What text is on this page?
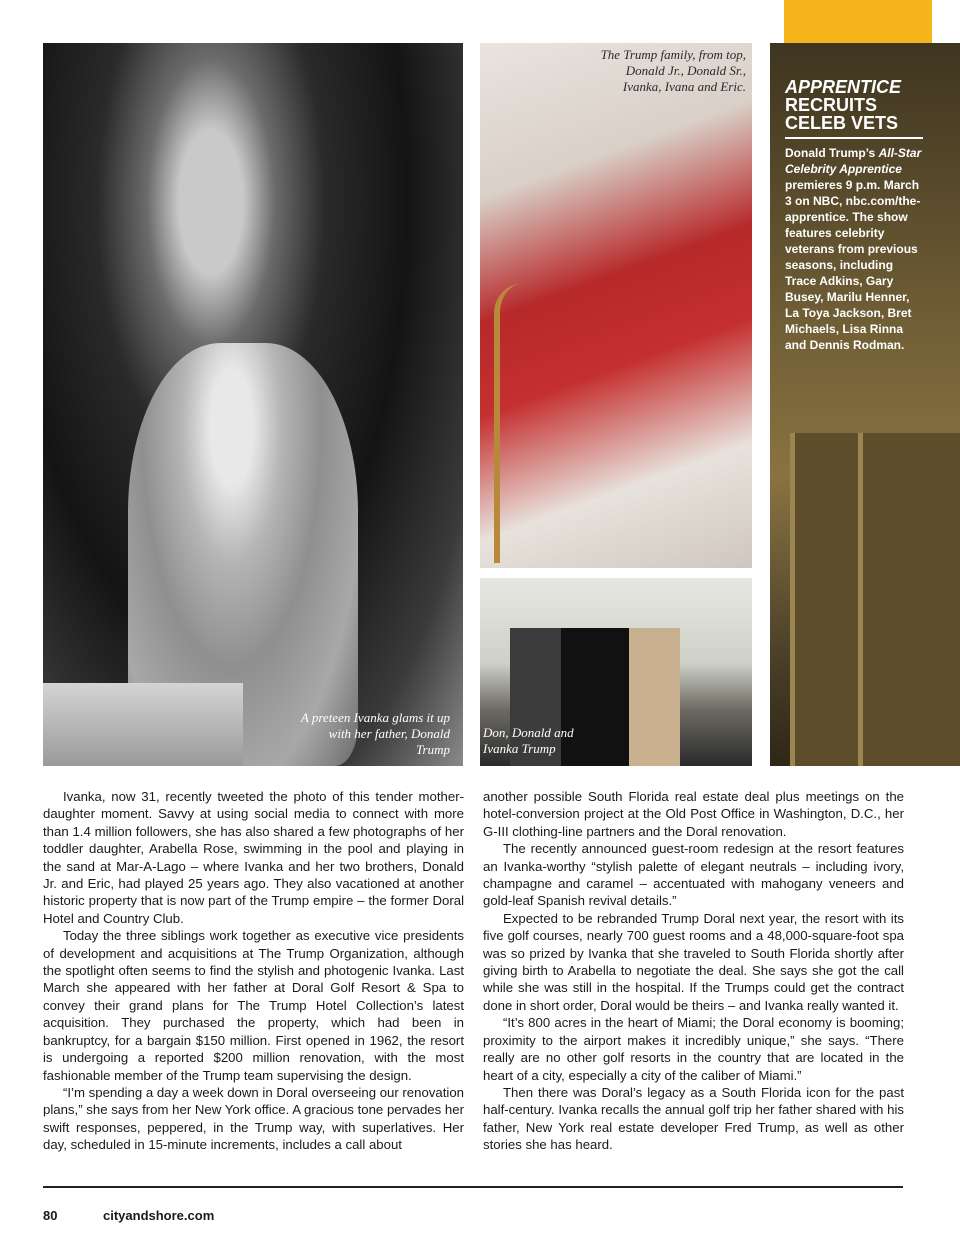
A preteen Ivanka glams it up with her father, Donald Trump
The Trump family, from top, Donald Jr., Donald Sr., Ivanka, Ivana and Eric.
Don, Donald and Ivanka Trump
APPRENTICE
RECRUITS
CELEB VETS
Donald Trump’s All-Star Celebrity Apprentice premieres 9 p.m. March 3 on NBC, nbc.com/the-apprentice. The show features celebrity veterans from previous seasons, including Trace Adkins, Gary Busey, Marilu Henner, La Toya Jackson, Bret Michaels, Lisa Rinna and Dennis Rodman.

Ivanka, now 31, recently tweeted the photo of this tender mother-daughter moment. Savvy at using social media to connect with more than 1.4 million followers, she has also shared a few photographs of her toddler daughter, Arabella Rose, swimming in the pool and playing in the sand at Mar-A-Lago – where Ivanka and her two brothers, Donald Jr. and Eric, had played 25 years ago. They also vacationed at another historic property that is now part of the Trump empire – the former Doral Hotel and Country Club.

Today the three siblings work together as executive vice presidents of development and acquisitions at The Trump Organization, although the spotlight often seems to find the stylish and photogenic Ivanka. Last March she appeared with her father at Doral Golf Resort & Spa to convey their grand plans for The Trump Hotel Collection’s latest acquisition. They purchased the property, which had been in bankruptcy, for a bargain $150 million. First opened in 1962, the resort is undergoing a reported $200 million renovation, with the most fashionable member of the Trump team supervising the design.

“I’m spending a day a week down in Doral overseeing our renovation plans,” she says from her New York office. A gracious tone pervades her swift responses, peppered, in the Trump way, with superlatives. Her day, scheduled in 15-minute increments, includes a call about

another possible South Florida real estate deal plus meetings on the hotel-conversion project at the Old Post Office in Washington, D.C., her G-III clothing-line partners and the Doral renovation.

The recently announced guest-room redesign at the resort features an Ivanka-worthy “stylish palette of elegant neutrals – including ivory, champagne and caramel – accentuated with mahogany veneers and gold-leaf Spanish revival details.”

Expected to be rebranded Trump Doral next year, the resort with its five golf courses, nearly 700 guest rooms and a 48,000-square-foot spa was so prized by Ivanka that she traveled to South Florida shortly after giving birth to Arabella to negotiate the deal. She says she got the call while she was still in the hospital. If the Trumps could get the contract done in short order, Doral would be theirs – and Ivanka really wanted it.

“It’s 800 acres in the heart of Miami; the Doral economy is booming; proximity to the airport makes it incredibly unique,” she says. “There really are no other golf resorts in the country that are located in the heart of a city, especially a city of the caliber of Miami.”

Then there was Doral’s legacy as a South Florida icon for the past half-century. Ivanka recalls the annual golf trip her father shared with his father, New York real estate developer Fred Trump, as well as other stories she has heard.

80	cityandshore.com
